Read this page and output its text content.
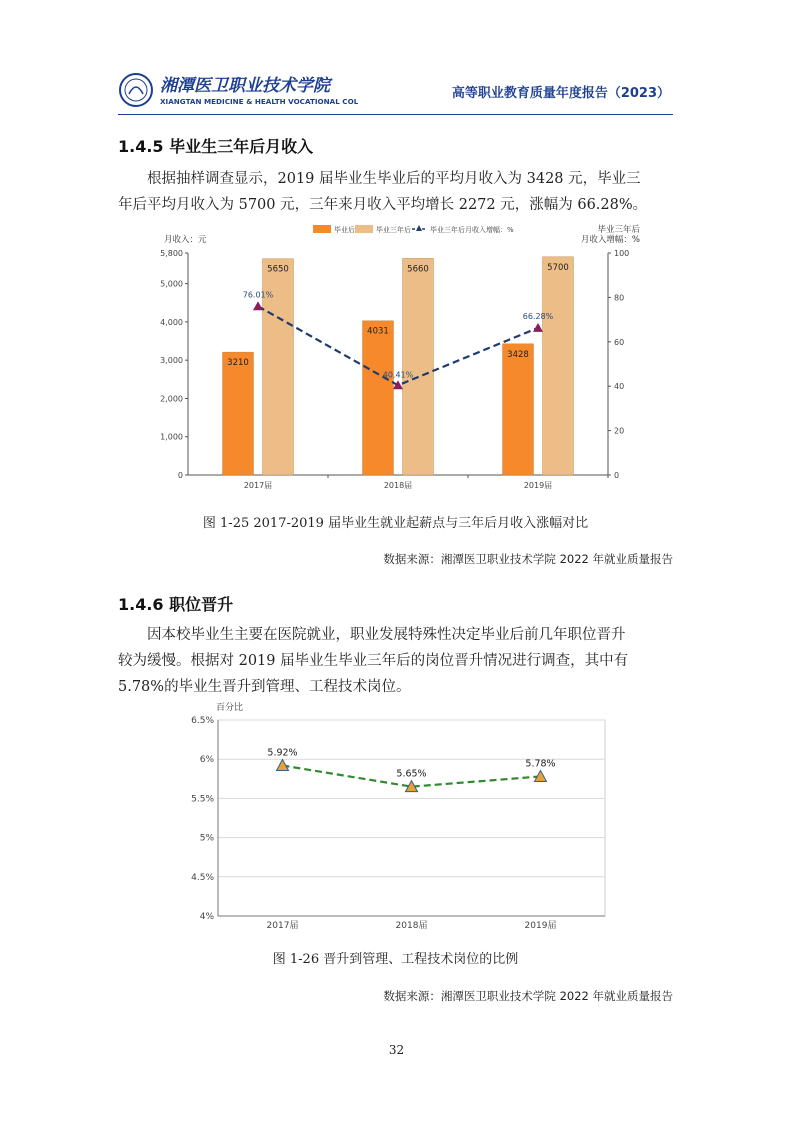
湘潭医卫职业技术学院
XIANGTAN MEDICINE & HEALTH VOCATIONAL COLLEGE
高等职业教育质量年度报告（2023）
1.4.5 毕业生三年后月收入
根据抽样调查显示，2019 届毕业生毕业后的平均月收入为 3428 元，毕业三
年后平均月收入为 5700 元，三年来月收入平均增长 2272 元，涨幅为 66.28%。
毕业后	毕业三年后	毕业三年后月收入增幅：%
月收入：元
毕业三年后
月收入增幅：%
0
1,000
2,000
3,000
4,000
5,000
5,800
0
20
40
60
80
100
2017届
3210
5650
2018届
4031
5660
2019届
3428
5700
76.01%
40.41%
66.28%
图 1-25 2017-2019 届毕业生就业起薪点与三年后月收入涨幅对比
数据来源：湘潭医卫职业技术学院 2022 年就业质量报告
1.4.6 职位晋升
因本校毕业生主要在医院就业，职业发展特殊性决定毕业后前几年职位晋升
较为缓慢。根据对 2019 届毕业生毕业三年后的岗位晋升情况进行调查，其中有
5.78%的毕业生晋升到管理、工程技术岗位。
百分比
4%
4.5%
5%
5.5%
6%
6.5%
2017届	2018届	2019届
5.92%
5.65%
5.78%
图 1-26 晋升到管理、工程技术岗位的比例
数据来源：湘潭医卫职业技术学院 2022 年就业质量报告
32
